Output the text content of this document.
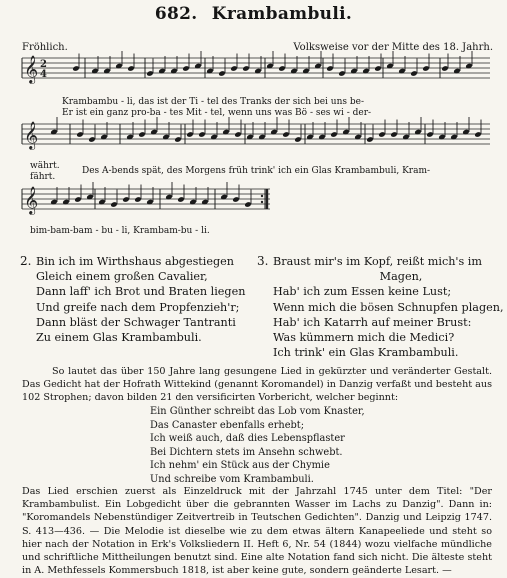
682. Krambambuli.
Fröhlich.	Volksweise vor der Mitte des 18. Jahrh.
𝄞 2
4
𝄞
𝄞
Krambambu - li, das ist der Ti - tel des Tranks der sich bei uns be-
Er ist ein ganz pro-ba - tes Mit - tel, wenn uns was Bö - ses wi - der-
währt.
fährt.
Des A-bends spät, des Morgens früh trink' ich ein Glas Krambambuli, Kram-
bim-bam-bam - bu - li, Krambam-bu - li.
2. Bin ich im Wirthshaus abgestiegen
Gleich einem großen Cavalier,
Dann laff' ich Brot und Braten liegen
Und greife nach dem Propfenzieh'r;
Dann bläst der Schwager Tantranti
Zu einem Glas Krambambuli.
3. Braust mir's im Kopf, reißt mich's im
Magen,
Hab' ich zum Essen keine Lust;
Wenn mich die bösen Schnupfen plagen,
Hab' ich Katarrh auf meiner Brust:
Was kümmern mich die Medici?
Ich trink' ein Glas Krambambuli.
So lautet das über 150 Jahre lang gesungene Lied in gekürzter und veränderter Gestalt. Das Gedicht hat der Hofrath Wittekind (genannt Koromandel) in Danzig verfaßt und besteht aus 102 Strophen; davon bilden 21 den versificirten Vorbericht, welcher beginnt:
Ein Günther schreibt das Lob vom Knaster,
Das Canaster ebenfalls erhebt;
Ich weiß auch, daß dies Lebenspflaster
Bei Dichtern stets im Ansehn schwebt.
Ich nehm' ein Stück aus der Chymie
Und schreibe vom Krambambuli.
Das Lied erschien zuerst als Einzeldruck mit der Jahrzahl 1745 unter dem Titel: "Der Krambambulist. Ein Lobgedicht über die gebrannten Wasser im Lachs zu Danzig". Dann in: "Koromandels Nebenstündiger Zeitvertreib in Teutschen Gedichten". Danzig und Leipzig 1747. S. 413—436. — Die Melodie ist dieselbe wie zu dem etwas ältern Kanapeeliede und steht so hier nach der Notation in Erk's Volksliedern II. Heft 6, Nr. 54 (1844) wozu vielfache mündliche und schriftliche Mittheilungen benutzt sind. Eine alte Notation fand sich nicht. Die älteste steht in A. Methfessels Kommersbuch 1818, ist aber keine gute, sondern geänderte Lesart. —
